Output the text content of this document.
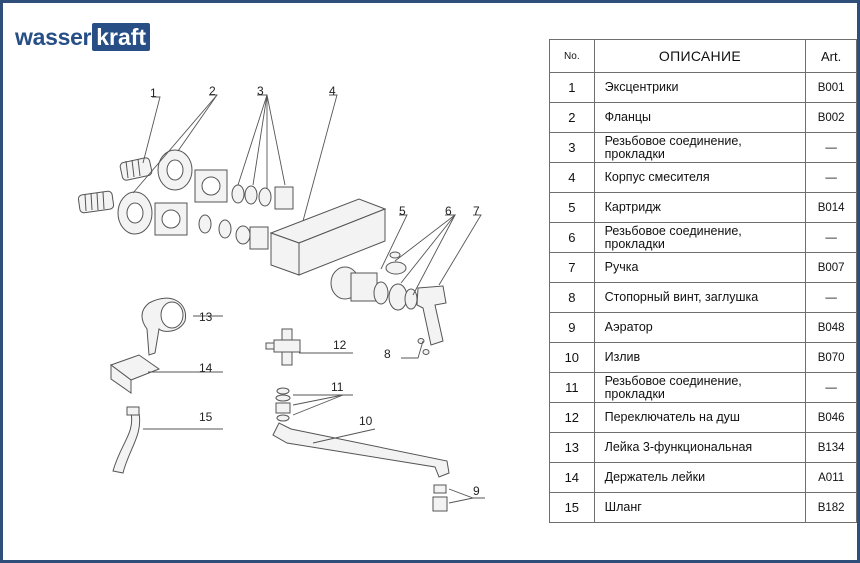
wasser kraft
1	2	3	4
5	6 7
8
9
10
11
12
13
14
15
No.	ОПИСАНИЕ	Art.
1	Эксцентрики	B001
2	Фланцы	B002
3	Резьбовое соединение, прокладки	—
4	Корпус смесителя	—
5	Картридж	B014
6	Резьбовое соединение, прокладки	—
7	Ручка	B007
8	Стопорный винт, заглушка	—
9	Аэратор	B048
10	Излив	B070
11	Резьбовое соединение, прокладки	—
12	Переключатель на душ	B046
13	Лейка 3-функциональная	B134
14	Держатель лейки	A011
15	Шланг	B182
